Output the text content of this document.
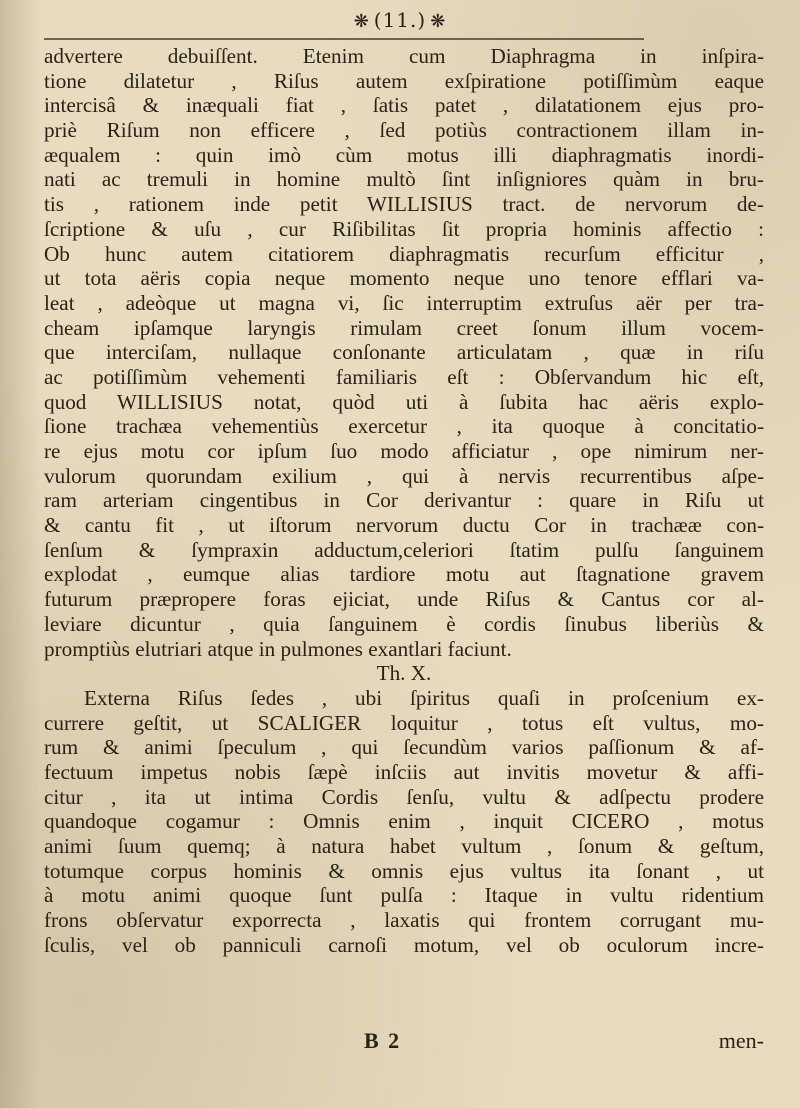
❋ (11.) ❋
advertere debuiſſent. Etenim cum Diaphragma in inſpira-
tione dilatetur , Riſus autem exſpiratione potiſſimùm eaque
intercisâ & inæquali fiat , ſatis patet , dilatationem ejus pro-
priè Riſum non efficere , ſed potiùs contractionem illam in-
æqualem : quin imò cùm motus illi diaphragmatis inordi-
nati ac tremuli in homine multò ſint inſigniores quàm in bru-
tis , rationem inde petit WILLISIUS tract. de nervorum de-
ſcriptione & uſu , cur Riſibilitas ſit propria hominis affectio :
Ob hunc autem citatiorem diaphragmatis recurſum efficitur ,
ut tota aëris copia neque momento neque uno tenore efflari va-
leat , adeòque ut magna vi, ſic interruptim extruſus aër per tra-
cheam ipſamque laryngis rimulam creet ſonum illum vocem-
que interciſam, nullaque conſonante articulatam , quæ in riſu
ac potiſſimùm vehementi familiaris eſt : Obſervandum hic eſt,
quod WILLISIUS notat, quòd uti à ſubita hac aëris explo-
ſione trachæa vehementiùs exercetur , ita quoque à concitatio-
re ejus motu cor ipſum ſuo modo afficiatur , ope nimirum ner-
vulorum quorundam exilium , qui à nervis recurrentibus aſpe-
ram arteriam cingentibus in Cor derivantur : quare in Riſu ut
& cantu fit , ut iſtorum nervorum ductu Cor in trachææ con-
ſenſum & ſympraxin adductum,celeriori ſtatim pulſu ſanguinem
explodat , eumque alias tardiore motu aut ſtagnatione gravem
futurum præpropere foras ejiciat, unde Riſus & Cantus cor al-
leviare dicuntur , quia ſanguinem è cordis ſinubus liberiùs &
promptiùs elutriari atque in pulmones exantlari faciunt.
Th. X.
Externa Riſus ſedes , ubi ſpiritus quaſi in proſcenium ex-
currere geſtit, ut SCALIGER loquitur , totus eſt vultus, mo-
rum & animi ſpeculum , qui ſecundùm varios paſſionum & af-
fectuum impetus nobis ſæpè inſciis aut invitis movetur & affi-
citur , ita ut intima Cordis ſenſu, vultu & adſpectu prodere
quandoque cogamur : Omnis enim , inquit CICERO , motus
animi ſuum quemq; à natura habet vultum , ſonum & geſtum,
totumque corpus hominis & omnis ejus vultus ita ſonant , ut
à motu animi quoque ſunt pulſa : Itaque in vultu ridentium
frons obſervatur exporrecta , laxatis qui frontem corrugant mu-
ſculis, vel ob panniculi carnoſi motum, vel ob oculorum incre-
B 2	men-
